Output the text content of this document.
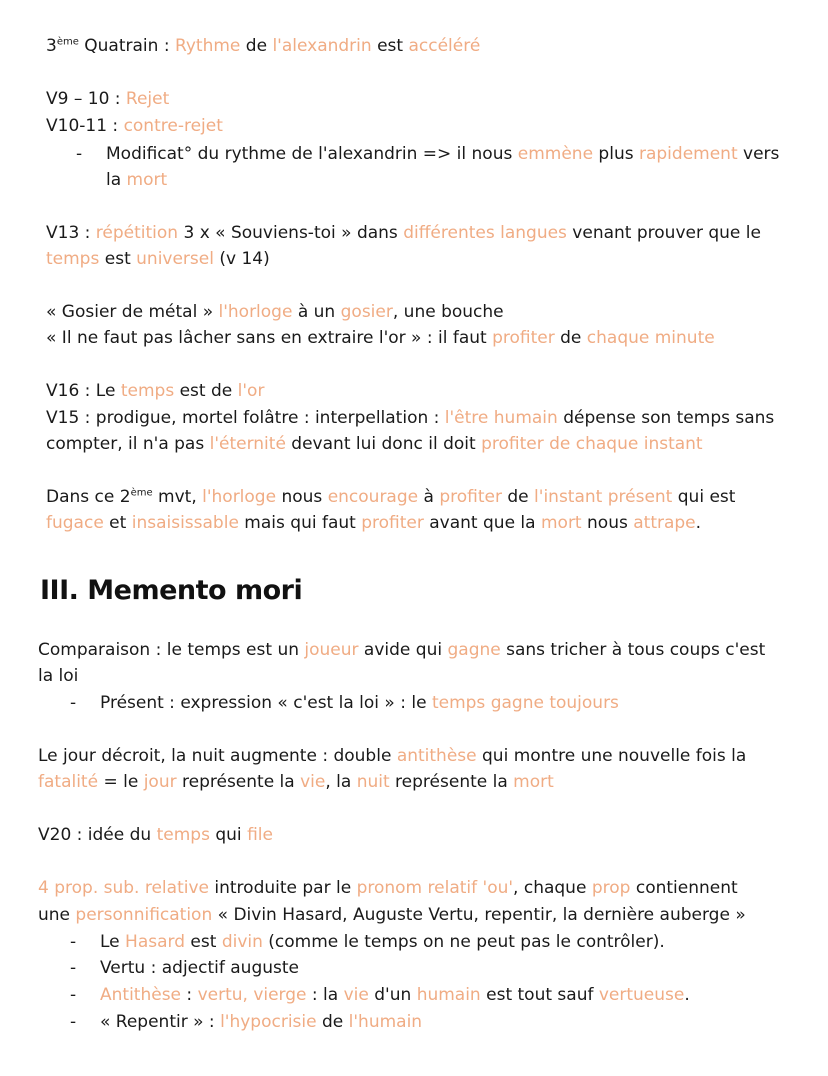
3ème Quatrain : Rythme de l'alexandrin est accéléré
V9 – 10 : Rejet
V10-11 : contre-rejet
- Modificat° du rythme de l'alexandrin => il nous emmène plus rapidement vers
la mort
V13 : répétition 3 x « Souviens-toi » dans différentes langues venant prouver que le
temps est universel (v 14)
« Gosier de métal » l'horloge à un gosier, une bouche
« Il ne faut pas lâcher sans en extraire l'or » : il faut profiter de chaque minute
V16 : Le temps est de l'or
V15 : prodigue, mortel folâtre : interpellation : l'être humain dépense son temps sans
compter, il n'a pas l'éternité devant lui donc il doit profiter de chaque instant
Dans ce 2ème mvt, l'horloge nous encourage à profiter de l'instant présent qui est
fugace et insaisissable mais qui faut profiter avant que la mort nous attrape.
III. Memento mori
Comparaison : le temps est un joueur avide qui gagne sans tricher à tous coups c'est
la loi
- Présent : expression « c'est la loi » : le temps gagne toujours
Le jour décroit, la nuit augmente : double antithèse qui montre une nouvelle fois la
fatalité = le jour représente la vie, la nuit représente la mort
V20 : idée du temps qui file
4 prop. sub. relative introduite par le pronom relatif 'ou', chaque prop contiennent
une personnification « Divin Hasard, Auguste Vertu, repentir, la dernière auberge »
- Le Hasard est divin (comme le temps on ne peut pas le contrôler).
- Vertu : adjectif auguste
- Antithèse : vertu, vierge : la vie d'un humain est tout sauf vertueuse.
- « Repentir » : l'hypocrisie de l'humain
